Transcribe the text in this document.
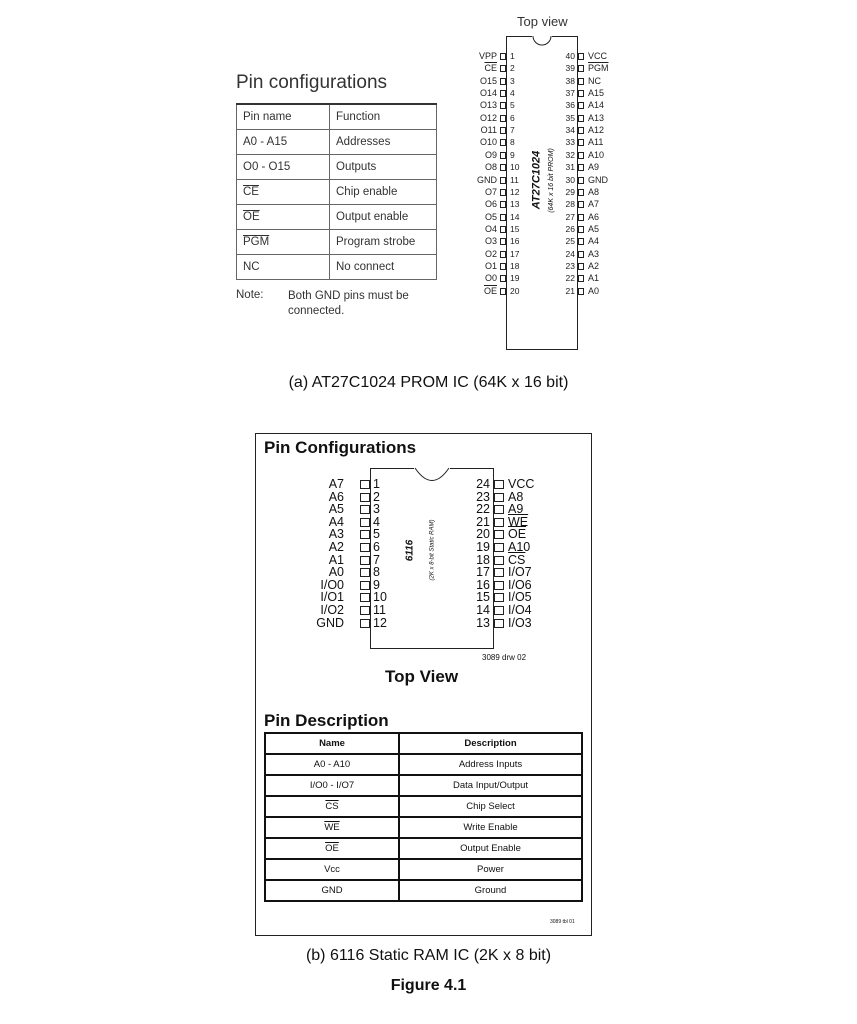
Top view
Pin configurations
Pin name	Function
A0 - A15	Addresses
O0 - O15	Outputs
$\overline{CE}$	Chip enable
$\overline{OE}$	Output enable
$\overline{PGM}$	Program strobe
NC	No connect
Note: Both GND pins must be connected.
VPP 1
$\overline{CE}$ 2
O15 3
O14 4
O13 5
O12 6
O11 7
O10 8
O9 9
O8 10
GND 11
O7 12
O6 13
O5 14
O4 15
O3 16
O2 17
O1 18
O0 19
$\overline{OE}$ 20
40 VCC
39 $\overline{PGM}$
38 NC
37 A15
36 A14
35 A13
34 A12
33 A11
32 A10
31 A9
30 GND
29 A8
28 A7
27 A6
26 A5
25 A4
24 A3
23 A2
22 A1
21 A0
AT27C1024 (64K x 16 bit PROM)
(a) AT27C1024 PROM IC (64K x 16 bit)
Pin Configurations
A7 1
A6 2
A5 3
A4 4
A3 5
A2 6
A1 7
A0 8
I/O0 9
I/O1 10
I/O2 11
GND 12
24 VCC
23 A8
22 A9
21 $\overline{WE}$
20 $\overline{OE}$
19 A10
18 $\overline{CS}$
17 I/O7
16 I/O6
15 I/O5
14 I/O4
13 I/O3
6116 (2K x 8-bit Static RAM)
3089 drw 02
Top View
Pin Description
Name	Description
A0 - A10	Address Inputs
I/O0 - I/O7	Data Input/Output
$\overline{CS}$	Chip Select
$\overline{WE}$	Write Enable
$\overline{OE}$	Output Enable
Vcc	Power
GND	Ground
3089 tbl 01
(b) 6116 Static RAM IC (2K x 8 bit)
Figure 4.1
